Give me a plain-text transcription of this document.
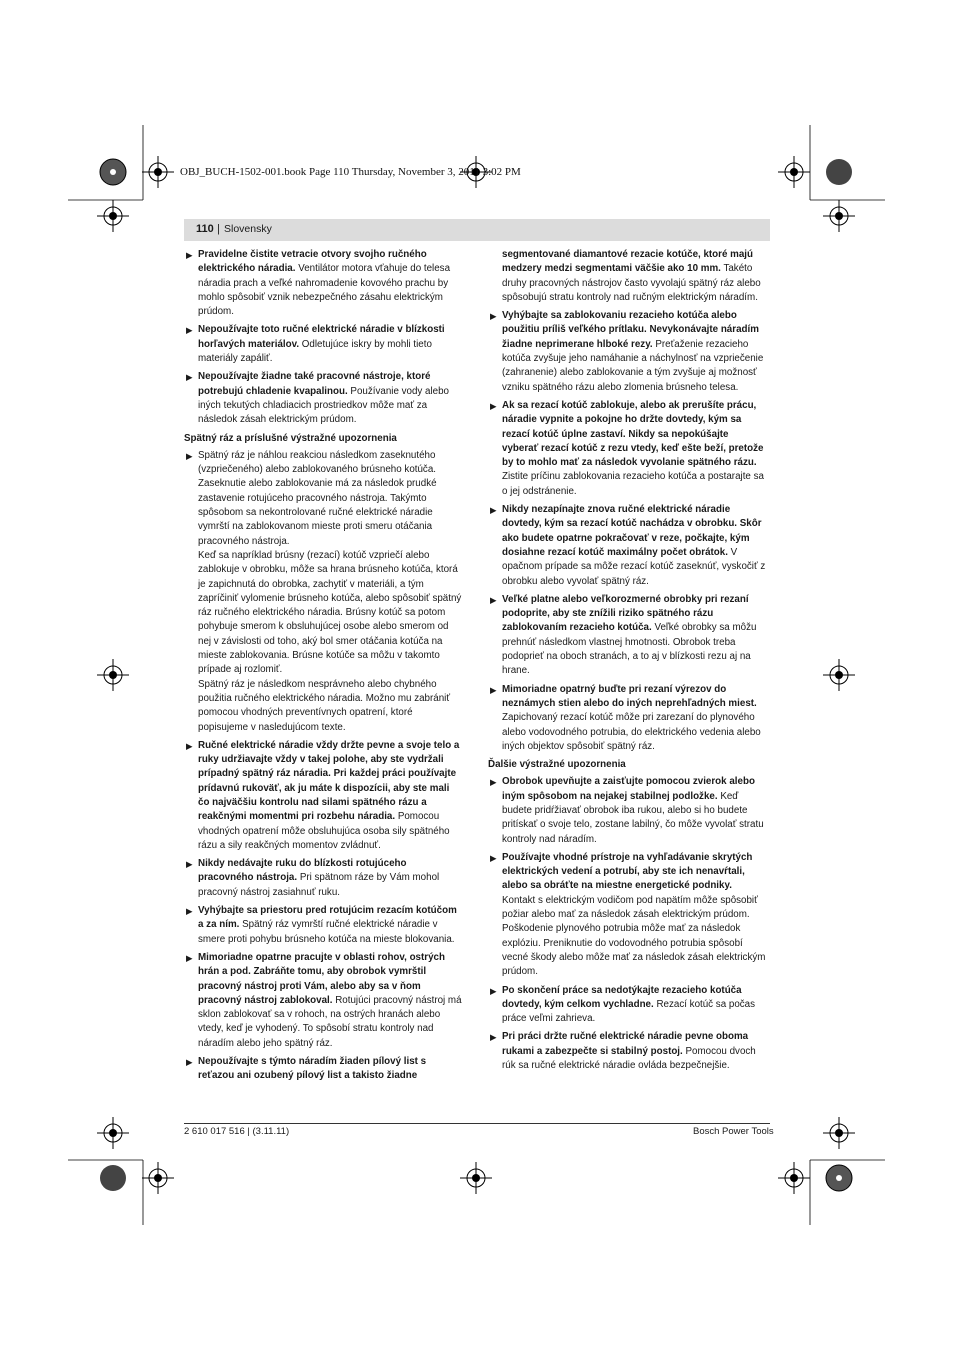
OBJ_BUCH-1502-001.book Page 110 Thursday, November 3, 2011 3:02 PM
110 | Slovensky
▶ Pravidelne čistite vetracie otvory svojho ručného elektrického náradia. Ventilátor motora vťahuje do telesa náradia prach a veľké nahromadenie kovového prachu by mohlo spôsobiť vznik nebezpečného zásahu elektrickým prúdom.

▶ Nepoužívajte toto ručné elektrické náradie v blízkosti horľavých materiálov. Odletujúce iskry by mohli tieto materiály zapáliť.

▶ Nepoužívajte žiadne také pracovné nástroje, ktoré potrebujú chladenie kvapalinou. Používanie vody alebo iných tekutých chladiacich prostriedkov môže mať za následok zásah elektrickým prúdom.

Spätný ráz a príslušné výstražné upozornenia
▶ Spätný ráz je náhlou reakciou následkom zaseknutého (vzpriečeného) alebo zablokovaného brúsneho kotúča. Zaseknutie alebo zablokovanie má za následok prudké zastavenie rotujúceho pracovného nástroja. Takýmto spôsobom sa nekontrolované ručné elektrické náradie vymrští na zablokovanom mieste proti smeru otáčania pracovného nástroja.

Keď sa napríklad brúsny (rezací) kotúč vzpriečí alebo zablokuje v obrobku, môže sa hrana brúsneho kotúča, ktorá je zapichnutá do obrobka, zachytiť v materiáli, a tým zapríčiniť vylomenie brúsneho kotúča, alebo spôsobiť spätný ráz ručného elektrického náradia. Brúsny kotúč sa potom pohybuje smerom k obsluhujúcej osobe alebo smerom od nej v závislosti od toho, aký bol smer otáčania kotúča na mieste zablokovania. Brúsne kotúče sa môžu v takomto prípade aj rozlomiť.

Spätný ráz je následkom nesprávneho alebo chybného použitia ručného elektrického náradia. Možno mu zabrániť pomocou vhodných preventívnych opatrení, ktoré popisujeme v nasledujúcom texte.

▶ Ručné elektrické náradie vždy držte pevne a svoje telo a ruky udržiavajte vždy v takej polohe, aby ste vydržali prípadný spätný ráz náradia. Pri každej práci používajte prídavnú rukoväť, ak ju máte k dispozícii, aby ste mali čo najväčšiu kontrolu nad silami spätného rázu a reakčnými momentmi pri rozbehu náradia. Pomocou vhodných opatrení môže obsluhujúca osoba sily spätného rázu a sily reakčných momentov zvládnuť.

▶ Nikdy nedávajte ruku do blízkosti rotujúceho pracovného nástroja. Pri spätnom ráze by Vám mohol pracovný nástroj zasiahnuť ruku.

▶ Vyhýbajte sa priestoru pred rotujúcim rezacím kotúčom a za ním. Spätný ráz vymrští ručné elektrické náradie v smere proti pohybu brúsneho kotúča na mieste blokovania.

▶ Mimoriadne opatrne pracujte v oblasti rohov, ostrých hrán a pod. Zabráňte tomu, aby obrobok vymrštil pracovný nástroj proti Vám, alebo aby sa v ňom pracovný nástroj zablokoval. Rotujúci pracovný nástroj má sklon zablokovať sa v rohoch, na ostrých hranách alebo vtedy, keď je vyhodený. To spôsobí stratu kontroly nad náradím alebo jeho spätný ráz.

▶ Nepoužívajte s týmto náradím žiaden pílový list s reťazou ani ozubený pílový list a takisto žiadne

segmentované diamantové rezacie kotúče, ktoré majú medzery medzi segmentami väčšie ako 10 mm. Takéto druhy pracovných nástrojov často vyvolajú spätný ráz alebo spôsobujú stratu kontroly nad ručným elektrickým náradím.

▶ Vyhýbajte sa zablokovaniu rezacieho kotúča alebo použitiu príliš veľkého prítlaku. Nevykonávajte náradím žiadne neprimerane hlboké rezy. Preťaženie rezacieho kotúča zvyšuje jeho namáhanie a náchylnosť na vzpriečenie (zahranenie) alebo zablokovanie a tým zvyšuje aj možnosť vzniku spätného rázu alebo zlomenia brúsneho telesa.

▶ Ak sa rezací kotúč zablokuje, alebo ak prerušíte prácu, náradie vypnite a pokojne ho držte dovtedy, kým sa rezací kotúč úplne zastaví. Nikdy sa nepokúšajte vyberať rezací kotúč z rezu vtedy, keď ešte beží, pretože by to mohlo mať za následok vyvolanie spätného rázu. Zistite príčinu zablokovania rezacieho kotúča a postarajte sa o jej odstránenie.

▶ Nikdy nezapínajte znova ručné elektrické náradie dovtedy, kým sa rezací kotúč nachádza v obrobku. Skôr ako budete opatrne pokračovať v reze, počkajte, kým dosiahne rezací kotúč maximálny počet obrátok. V opačnom prípade sa môže rezací kotúč zaseknúť, vyskočiť z obrobku alebo vyvolať spätný ráz.

▶ Veľké platne alebo veľkorozmerné obrobky pri rezaní podoprite, aby ste znížili riziko spätného rázu zablokovaním rezacieho kotúča. Veľké obrobky sa môžu prehnúť následkom vlastnej hmotnosti. Obrobok treba podoprieť na oboch stranách, a to aj v blízkosti rezu aj na hrane.

▶ Mimoriadne opatrný buďte pri rezaní výrezov do neznámych stien alebo do iných neprehľadných miest. Zapichovaný rezací kotúč môže pri zarezaní do plynového alebo vodovodného potrubia, do elektrického vedenia alebo iných objektov spôsobiť spätný ráz.

Ďalšie výstražné upozornenia
▶ Obrobok upevňujte a zaisťujte pomocou zvierok alebo iným spôsobom na nejakej stabilnej podložke. Keď budete pridŕžiavať obrobok iba rukou, alebo si ho budete pritískať o svoje telo, zostane labilný, čo môže vyvolať stratu kontroly nad náradím.

▶ Používajte vhodné prístroje na vyhľadávanie skrytých elektrických vedení a potrubí, aby ste ich nenavŕtali, alebo sa obráťte na miestne energetické podniky. Kontakt s elektrickým vodičom pod napätím môže spôsobiť požiar alebo mať za následok zásah elektrickým prúdom. Poškodenie plynového potrubia môže mať za následok explóziu. Preniknutie do vodovodného potrubia spôsobí vecné škody alebo môže mať za následok zásah elektrickým prúdom.

▶ Po skončení práce sa nedotýkajte rezacieho kotúča dovtedy, kým celkom vychladne. Rezací kotúč sa počas práce veľmi zahrieva.

▶ Pri práci držte ručné elektrické náradie pevne oboma rukami a zabezpečte si stabilný postoj. Pomocou dvoch rúk sa ručné elektrické náradie ovláda bezpečnejšie.

2 610 017 516 | (3.11.11)	Bosch Power Tools
